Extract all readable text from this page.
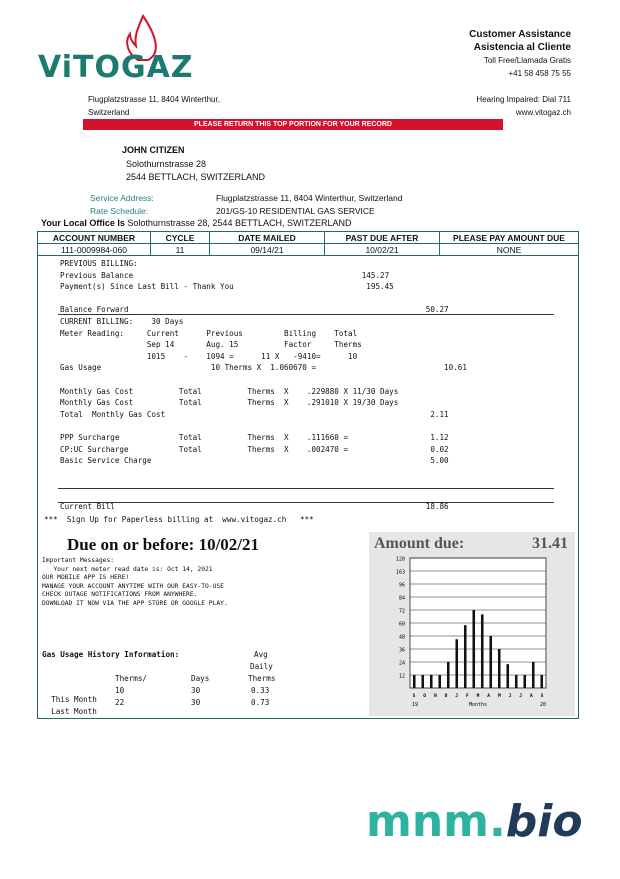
ViTOGAZ
Flugplatzstrasse 11, 8404 Winterthur,
Switzerland
Customer Assistance
Asistencia al Cliente
Toll Free/Llamada Gratis
+41 58 458 75 55
Hearing Impaired: Dial 711
www.vitogaz.ch
PLEASE RETURN THIS TOP PORTION FOR YOUR RECORD
JOHN CITIZEN
Solothurnstrasse 28
2544 BETTLACH, SWITZERLAND
Service Address:	Flugplatzstrasse 11, 8404 Winterthur, Switzerland
Rate Schedule:	201/GS-10 RESIDENTIAL GAS SERVICE
Your Local Office Is Solothurnstrasse 28, 2544 BETTLACH, SWITZERLAND
ACCOUNT NUMBER	CYCLE	DATE MAILED	PAST DUE AFTER	PLEASE PAY AMOUNT DUE
111-0009984-060	11	09/14/21	10/02/21	NONE
PREVIOUS BILLING:
Previous Balance                                                  145.27
Payment(s) Since Last Bill - Thank You                             195.45

Balance Forward                                                                 50.27
CURRENT BILLING:    30 Days
Meter Reading:     Current      Previous         Billing    Total
Sep 14       Aug. 15          Factor     Therms
1015    -    1094 =      11 X   -9410=      10
Gas Usage                        10 Therms X  1.060670 =                            10.61

Monthly Gas Cost          Total          Therms  X    .229880 X 11/30 Days
Monthly Gas Cost          Total          Therms  X    .291010 X 19/30 Days
Total  Monthly Gas Cost                                                          2.11

PPP Surcharge             Total          Therms  X    .111660 =                  1.12
CP:UC Surcharge           Total          Therms  X    .002470 =                  0.02
Basic Service Charge                                                             5.00

Current Bill                                                                    18.86
***  Sign Up for Paperless billing at  www.vitogaz.ch   ***
Due on or before: 10/02/21	Amount due:	31.41
Important Messages:
Your next meter read date is: Oct 14, 2021
OUR MOBILE APP IS HERE!
MANAGE YOUR ACCOUNT ANYTIME WITH OUR EASY-TO-USE
CHECK OUTAGE NOTIFICATIONS FROM ANYWHERE.
DOWNLOAD IT NOW VIA THE APP STORE OR GOOGLE PLAY.
Gas Usage History Information:	Avg
Daily
Therms/	Days	Therms

This Month

10	30	0.33

Last Month

22	30	0.73
120
163
96
84
72
60
48
36
24
12
S O N D J F M A M J J A S
19	Months	20
mnm.bio
